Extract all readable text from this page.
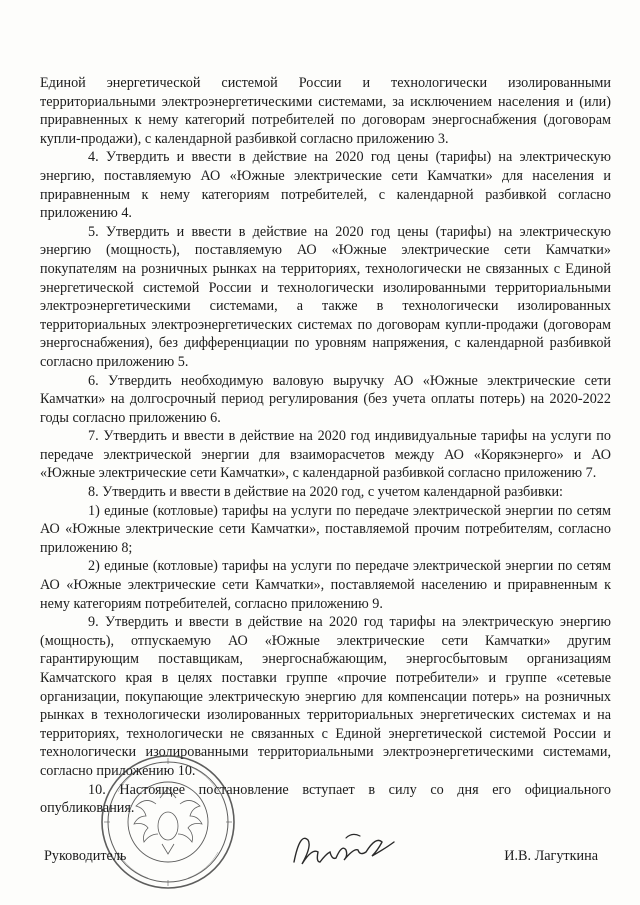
Единой энергетической системой России и технологически изолированными территориальными электроэнергетическими системами, за исключением населения и (или) приравненных к нему категорий потребителей по договорам энергоснабжения (договорам купли-продажи), с календарной разбивкой согласно приложению 3.

4. Утвердить и ввести в действие на 2020 год цены (тарифы) на электрическую энергию, поставляемую АО «Южные электрические сети Камчатки» для населения и приравненным к нему категориям потребителей, с календарной разбивкой согласно приложению 4.

5. Утвердить и ввести в действие на 2020 год цены (тарифы) на электрическую энергию (мощность), поставляемую АО «Южные электрические сети Камчатки» покупателям на розничных рынках на территориях, технологически не связанных с Единой энергетической системой России и технологически изолированными территориальными электроэнергетическими системами, а также в технологически изолированных территориальных электроэнергетических системах по договорам купли-продажи (договорам энергоснабжения), без дифференциации по уровням напряжения, с календарной разбивкой согласно приложению 5.

6. Утвердить необходимую валовую выручку АО «Южные электрические сети Камчатки» на долгосрочный период регулирования (без учета оплаты потерь) на 2020-2022 годы согласно приложению 6.

7. Утвердить и ввести в действие на 2020 год индивидуальные тарифы на услуги по передаче электрической энергии для взаиморасчетов между АО «Корякэнерго» и АО «Южные электрические сети Камчатки», с календарной разбивкой согласно приложению 7.

8. Утвердить и ввести в действие на 2020 год, с учетом календарной разбивки:

1) единые (котловые) тарифы на услуги по передаче электрической энергии по сетям АО «Южные электрические сети Камчатки», поставляемой прочим потребителям, согласно приложению 8;

2) единые (котловые) тарифы на услуги по передаче электрической энергии по сетям АО «Южные электрические сети Камчатки», поставляемой населению и приравненным к нему категориям потребителей, согласно приложению 9.

9. Утвердить и ввести в действие на 2020 год тарифы на электрическую энергию (мощность), отпускаемую АО «Южные электрические сети Камчатки» другим гарантирующим поставщикам, энергоснабжающим, энергосбытовым организациям Камчатского края в целях поставки группе «прочие потребители» и группе «сетевые организации, покупающие электрическую энергию для компенсации потерь» на розничных рынках в технологически изолированных территориальных энергетических системах и на территориях, технологически не связанных с Единой энергетической системой России и технологически изолированными территориальными электроэнергетическими системами, согласно приложению 10.

10. Настоящее постановление вступает в силу со дня его официального опубликования.

Руководитель	И.В. Лагуткина
